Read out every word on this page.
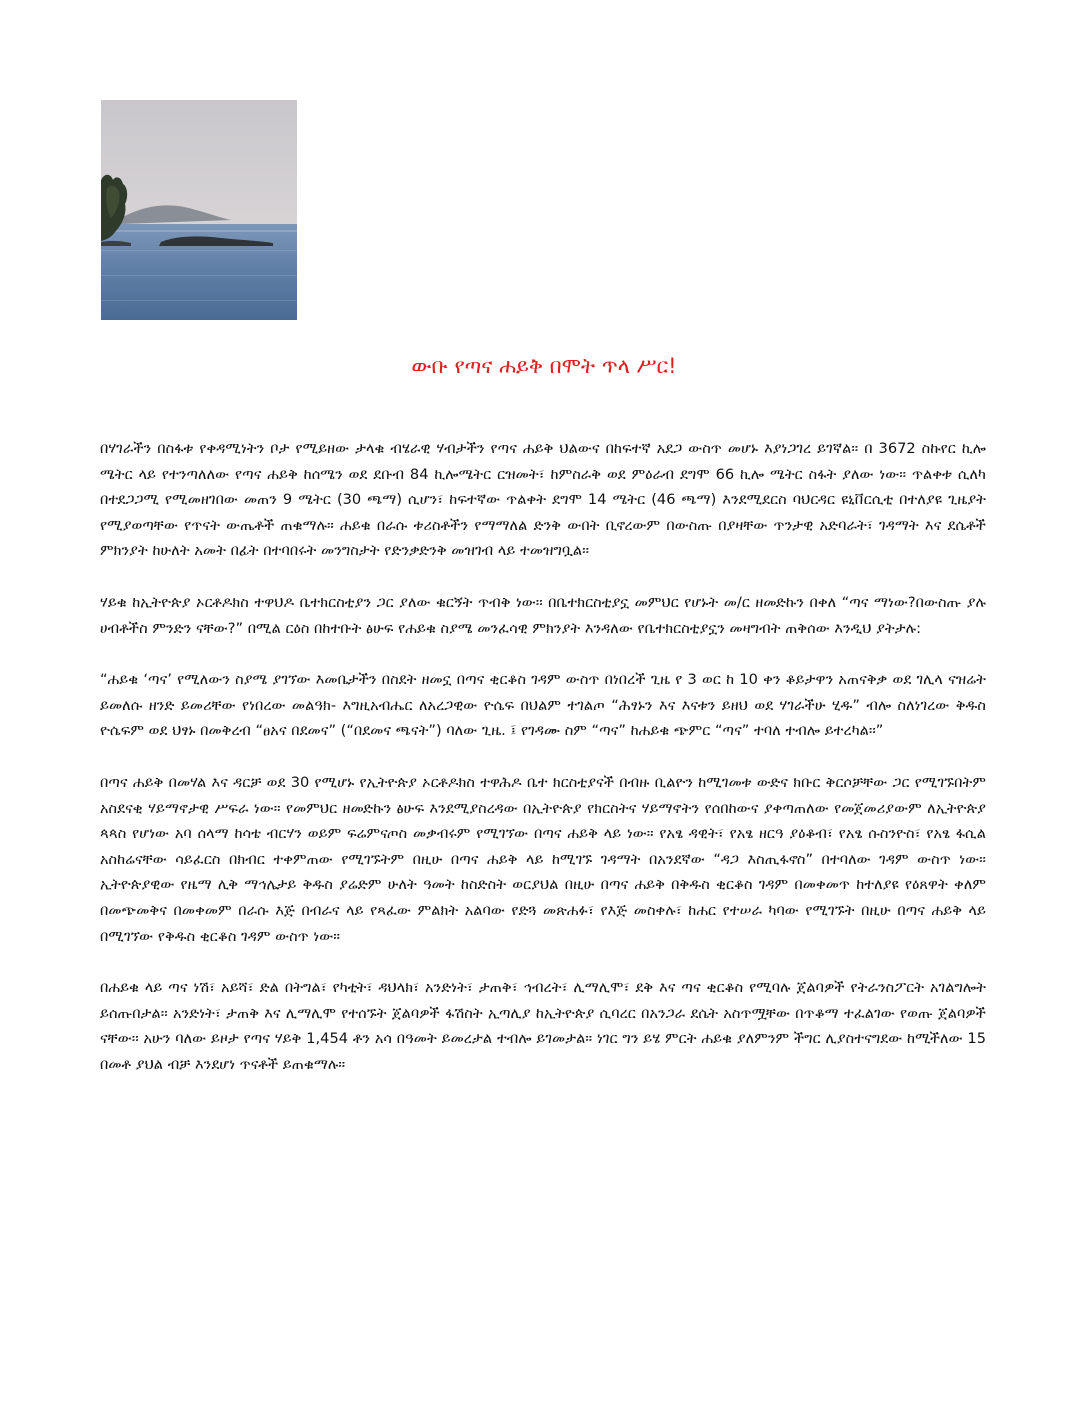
ውቡ የጣና ሐይቅ በሞት ጥላ ሥር!

በሃገራችን በስፋቱ የቀዳሚነትን ቦታ የሚይዘው ታላቁ ብሄራዊ ሃብታችን የጣና ሐይቅ ህልውና በከፍተኛ አደጋ ውስጥ መሆኑ እያነጋገረ ይገኛል፡፡ በ 3672 ስኩየር ኪሎ ሜትር ላይ የተንጣለለው የጣና ሐይቅ ከሰሜን ወደ ደቡብ 84 ኪሎሜትር ርዝመት፣ ከምስራቅ ወደ ምዕራብ ደግሞ 66 ኪሎ ሜትር ስፋት ያለው ነው፡፡ ጥልቀቱ ሲለካ በተደጋጋሚ የሚመዘገበው መጠን 9 ሜትር (30 ጫማ) ሲሆን፣ ከፍተኛው ጥልቀት ደግሞ 14 ሜትር (46 ጫማ) እንደሚደርስ ባህርዳር ዩኒቨርሲቲ በተለያዩ ጊዜያት የሚያወጣቸው የጥናት ውጤቶች ጠቁማሉ። ሐይቁ በራሱ ቱሪስቶችን የማማለል ድንቅ ውበት ቢኖረውም በውስጡ በያዛቸው ጥንታዊ አድባራት፣ ገዳማት እና ደሴቶች ምክንያት ከሁለት አመት በፊት በተባበሩት መንግስታት የድንቃድንቅ መዝገብ ላይ ተመዝግቧል፡፡

ሃይቁ ከኢትዮጵያ ኦርቶዶክስ ተዋህዶ ቤተክርስቲያን ጋር ያለው ቁርኝት ጥብቅ ነው፡፡ በቤተክርስቲያኗ መምህር የሆኑት መ/ር ዘመድኩን በቀለ “ጣና ማነው?በውስጡ ያሉ ሀብቶችስ ምንድን ናቸው?” በሚል ርዕስ በከተቡት ፅሁፍ የሐይቁ ስያሜ መንፈሳዊ ምክንያት እንዳለው የቤተክርስቲያኗን መዛግብት ጠቅሰው እንዲህ ያትታሉ:

“ሐይቁ ‘ጣና’ የሚለውን ስያሜ ያገኘው እመቤታችን በስደት ዘመኗ በጣና ቂርቆስ ገዳም ውስጥ በነበረች ጊዜ የ 3 ወር ከ 10 ቀን ቆይታዋን አጠናቅቃ ወደ ገሊላ ናዝሬት ይመለሱ ዘንድ ይመሪቸው የነበረው መልዓክ- እግዚአብሔር ለአረጋዊው ዮሴፍ በህልም ተገልጦ “ሕፃኑን እና እናቱን ይዘህ ወደ ሃገራችሁ ሂዱ” ብሎ ስለነገረው ቅዱስ ዮሴፍም ወደ ህፃኑ በመቅረብ “ፀአና በደመና” (“በደመና ጫናት”) ባለው ጊዜ. ፤ የገዳሙ ስም “ጣና” ከሐይቁ ጭምር “ጣና” ተባለ ተብሎ ይተረካል፡፡”

በጣና ሐይቅ በመሃል እና ዳርቻ ወደ 30 የሚሆኑ የኢትዮጵያ ኦርቶዶክስ ተዋሕዶ ቤተ ክርስቲያናች በብዙ ቢልዮን ከሚገመቱ ውድና ክቡር ቅርሶቻቸው ጋር የሚገኙበትም አስደናቂ ሃይማኖታዊ ሥፍራ ነው። የመምህር ዘመድኩን ፅሁፍ እንደሚያስረዳው በኢትዮጵያ የክርስትና ሃይማኖትን የሰበከውና ያቀጣጠለው የመጀመሪያውም ለኢትዮጵያ ጳጳስ የሆነው አባ ሰላማ ከሳቴ ብርሃን ወይም ፍሬምናጦስ መቃብሩም የሚገኘው በጣና ሐይቅ ላይ ነው። የአፄ ዳዊት፣ የአፄ ዘርዓ ያዕቆብ፣ የአፄ ሱስንዮስ፣ የአፄ ፋሲል አስከሬናቸው ሳይፈርስ በክብር ተቀምጠው የሚገኙትም በዚሁ በጣና ሐይቅ ላይ ከሚገኙ ገዳማት በአንደኛው “ዳጋ እስጢፋኖስ” በተባለው ገዳም ውስጥ ነው፡፡ ኢትዮጵያዊው የዜማ ሊቅ ማኅሌታይ ቅዱስ ያሬድም ሁለት ዓመት ከስድስት ወርያህል በዚሁ በጣና ሐይቅ በቅዱስ ቂርቆስ ገዳም በመቀመጥ ከተለያዩ የዕጸዋት ቀለም በመጭመቅና በመቀመም በራሱ እጅ በብራና ላይ የጻፈው ምልክት አልባው የድጓ መጽሐፉ፣ የእጅ መስቀሉ፣ ከሐር የተሠራ ካባው የሚገኙት በዚሁ በጣና ሐይቅ ላይ በሚገኘው የቅዱስ ቂርቆስ ገዳም ውስጥ ነው።

በሐይቁ ላይ ጣና ነሽ፣ አይሻ፣ ድል በትግል፣ የካቲት፣ ዳህላክ፣ አንድነት፣ ታጠቅ፣ ኅብረት፣ ሊማሊሞ፣ ደቅ እና ጣና ቂርቆስ የሚባሉ ጀልባዎች የትራንስፖርት አገልግሎት ይሰጡበታል፡፡ አንድነት፣ ታጠቅ እና ሊማሊሞ የተሰኙት ጀልባዎች ፋሽስት ኢጣሊያ ከኢትዮጵያ ሲባረር በአንጋራ ደሴት አስጥሟቸው በጥቆማ ተፈልገው የወጡ ጀልባዎች ናቸው፡፡ አሁን ባለው ይዞታ የጣና ሃይቅ 1,454 ቶን አሳ በዓመት ይመረታል ተብሎ ይገመታል። ነገር ግን ይሄ ምርት ሐይቁ ያለምንም ችግር ሊያስተናግደው ከሚችለው 15 በመቶ ያህል ብቻ እንደሆነ ጥናቶች ይጠቁማሉ።
